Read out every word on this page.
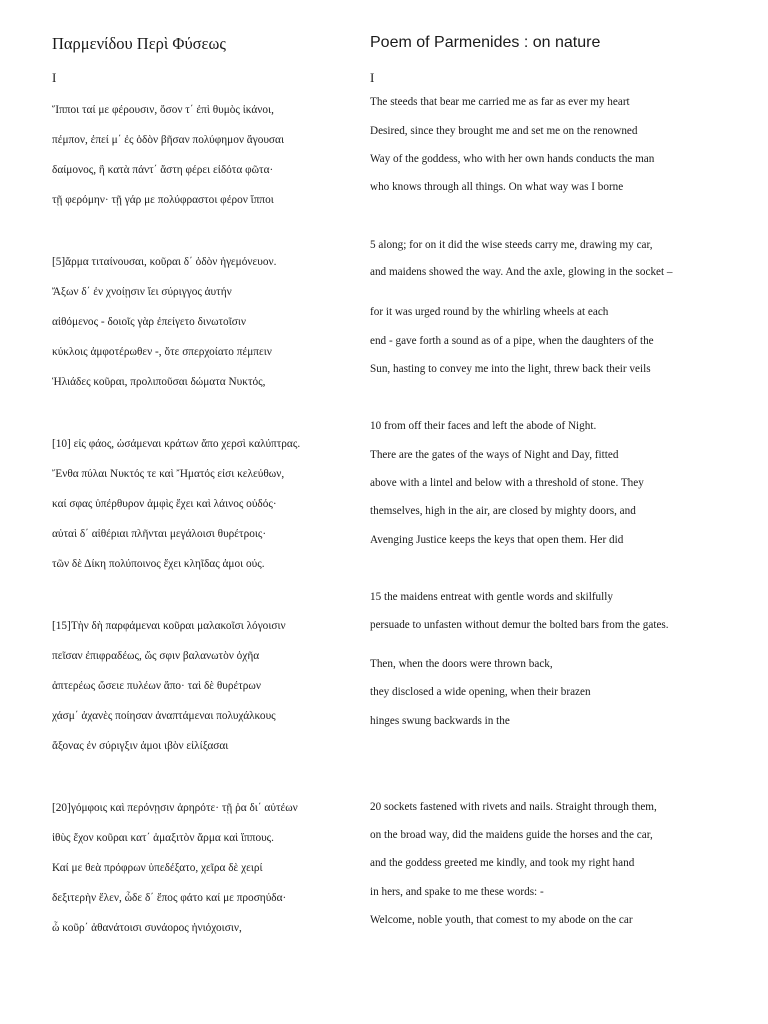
Παρμενίδου Περὶ Φύσεως
I
Ἵπποι ταί με φέρουσιν, ὅσον τ΄ ἐπὶ θυμὸς ἱκάνοι,
πέμπον, ἐπεί μ΄ ἐς ὁδὸν βῆσαν πολύφημον ἄγουσαι
δαίμονος, ἣ κατὰ πάντ΄ ἄστη φέρει εἰδότα φῶτα·
τῇ φερόμην· τῇ γάρ με πολύφραστοι φέρον ἵπποι
[5]ἅρμα τιταίνουσαι, κοῦραι δ΄ ὁδὸν ἡγεμόνευον.
Ἄξων δ΄ ἐν χνοίῃσιν ἵει σύριγγος ἀυτήν
αἰθόμενος - δοιοῖς γὰρ ἐπείγετο δινωτοῖσιν
κύκλοις ἀμφοτέρωθεν -, ὅτε σπερχοίατο πέμπειν
Ἡλιάδες κοῦραι, προλιποῦσαι δώματα Νυκτός,
[10] εἰς φάος, ὠσάμεναι κράτων ἄπο χερσὶ καλύπτρας.
Ἔνθα πύλαι Νυκτός τε καὶ Ἤματός εἰσι κελεύθων,
καί σφας ὑπέρθυρον ἀμφὶς ἔχει καὶ λάινος οὐδός·
αὐταὶ δ΄ αἰθέριαι πλῆνται μεγάλοισι θυρέτροις·
τῶν δὲ Δίκη πολύποινος ἔχει κληῖδας ἀμοι ούς.
[15]Τὴν δὴ παρφάμεναι κοῦραι μαλακοῖσι λόγοισιν
πεῖσαν ἐπιφραδέως, ὥς σφιν βαλανωτὸν ὀχῆα
ἀπτερέως ὤσειε πυλέων ἄπο· ταὶ δὲ θυρέτρων
χάσμ΄ ἀχανὲς ποίησαν ἀναπτάμεναι πολυχάλκους
ἄξονας ἐν σύριγξιν ἀμοι ιβὸν εἰλίξασαι
[20]γόμφοις καὶ περόνῃσιν ἀρηρότε· τῇ ῥα δι΄ αὐτέων
ἰθὺς ἔχον κοῦραι κατ΄ ἀμαξιτὸν ἅρμα καὶ ἵππους.
Καί με θεὰ πρόφρων ὑπεδέξατο, χεῖρα δὲ χειρί
δεξιτερὴν ἕλεν, ὧδε δ΄ ἔπος φάτο καί με προσηύδα·
ὦ κοῦρ΄ ἀθανάτοισι συνάορος ἡνιόχοισιν,
Poem of Parmenides : on nature
I
The steeds that bear me carried me as far as ever my heart
Desired, since they brought me and set me on the renowned
Way of the goddess, who with her own hands conducts the man
who knows through all things. On what way was I borne
5 along; for on it did the wise steeds carry me, drawing my car,
and maidens showed the way. And the axle, glowing in the socket –
for it was urged round by the whirling wheels at each
end - gave forth a sound as of a pipe, when the daughters of the
Sun, hasting to convey me into the light, threw back their veils
10 from off their faces and left the abode of Night.
There are the gates of the ways of Night and Day, fitted
above with a lintel and below with a threshold of stone. They
themselves, high in the air, are closed by mighty doors, and
Avenging Justice keeps the keys that open them. Her did
15 the maidens entreat with gentle words and skilfully
persuade to unfasten without demur the bolted bars from the gates.
Then, when the doors were thrown back,
they disclosed a wide opening, when their brazen
hinges swung backwards in the
20 sockets fastened with rivets and nails. Straight through them,
on the broad way, did the maidens guide the horses and the car,
and the goddess greeted me kindly, and took my right hand
in hers, and spake to me these words: -
Welcome, noble youth, that comest to my abode on the car
